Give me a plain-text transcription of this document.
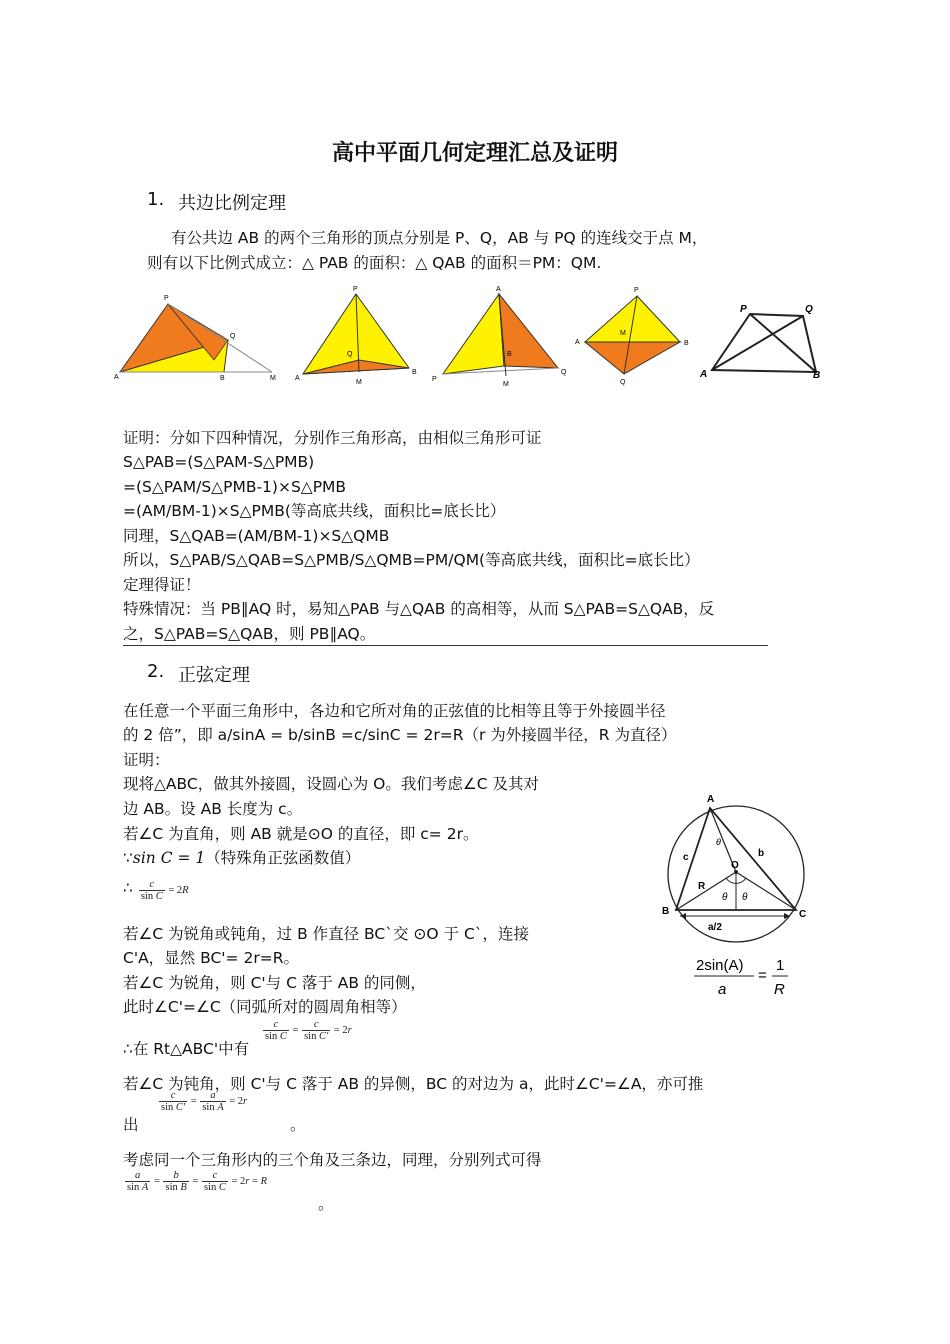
高中平面几何定理汇总及证明
1. 共边比例定理
有公共边 AB 的两个三角形的顶点分别是 P、Q，AB 与 PQ 的连线交于点 M，
则有以下比例式成立：△ PAB 的面积：△ QAB 的面积＝PM：QM.
P
Q
A	B	M
P
Q
A
B
M
A
B
P
Q
M
P
M
A	B
Q
P	Q
A	B
证明：分如下四种情况，分别作三角形高，由相似三角形可证
S△PAB=(S△PAM-S△PMB)
=(S△PAM/S△PMB-1)×S△PMB
=(AM/BM-1)×S△PMB(等高底共线，面积比=底长比）
同理，S△QAB=(AM/BM-1)×S△QMB
所以，S△PAB/S△QAB=S△PMB/S△QMB=PM/QM(等高底共线，面积比=底长比）
定理得证！
特殊情况：当 PB∥AQ 时，易知△PAB 与△QAB 的高相等，从而 S△PAB=S△QAB，反
之，S△PAB=S△QAB，则 PB∥AQ。
2. 正弦定理
在任意一个平面三角形中，各边和它所对角的正弦值的比相等且等于外接圆半径
的 2 倍”，即 a/sinA = b/sinB =c/sinC = 2r=R（r 为外接圆半径，R 为直径）
证明：
现将△ABC，做其外接圆，设圆心为 O。我们考虑∠C 及其对
边 AB。设 AB 长度为 c。
若∠C 为直角，则 AB 就是⊙O 的直径，即 c= 2r。
∵sin C = 1（特殊角正弦函数值）
∴ $\frac{c}{\text{sin C}} = 2R$
若∠C 为锐角或钝角，过 B 作直径 BC`交 ⊙O 于 C`，连接
C'A，显然 BC'= 2r=R。
若∠C 为锐角，则 C'与 C 落于 AB 的同侧，
此时∠C'=∠C（同弧所对的圆周角相等）
∴在 Rt△ABC'中有
$\frac{c}{\text{sin C}} = \frac{c}{\text{sin C'}} = 2r$
若∠C 为钝角，则 C'与 C 落于 AB 的异侧，BC 的对边为 a，此时∠C'=∠A，亦可推
出
$\frac{c}{\text{sin C'}} = \frac{a}{\text{sin A}} = 2r$
。
考虑同一个三角形内的三个角及三条边，同理，分别列式可得
$\frac{a}{\text{sin A}} = \frac{b}{\text{sin B}} = \frac{c}{\text{sin C}} = 2r = R$
。
A
B	C
O
b
c
R
θ θ
θ
a/2
2sin(A)
a
=
1
R
